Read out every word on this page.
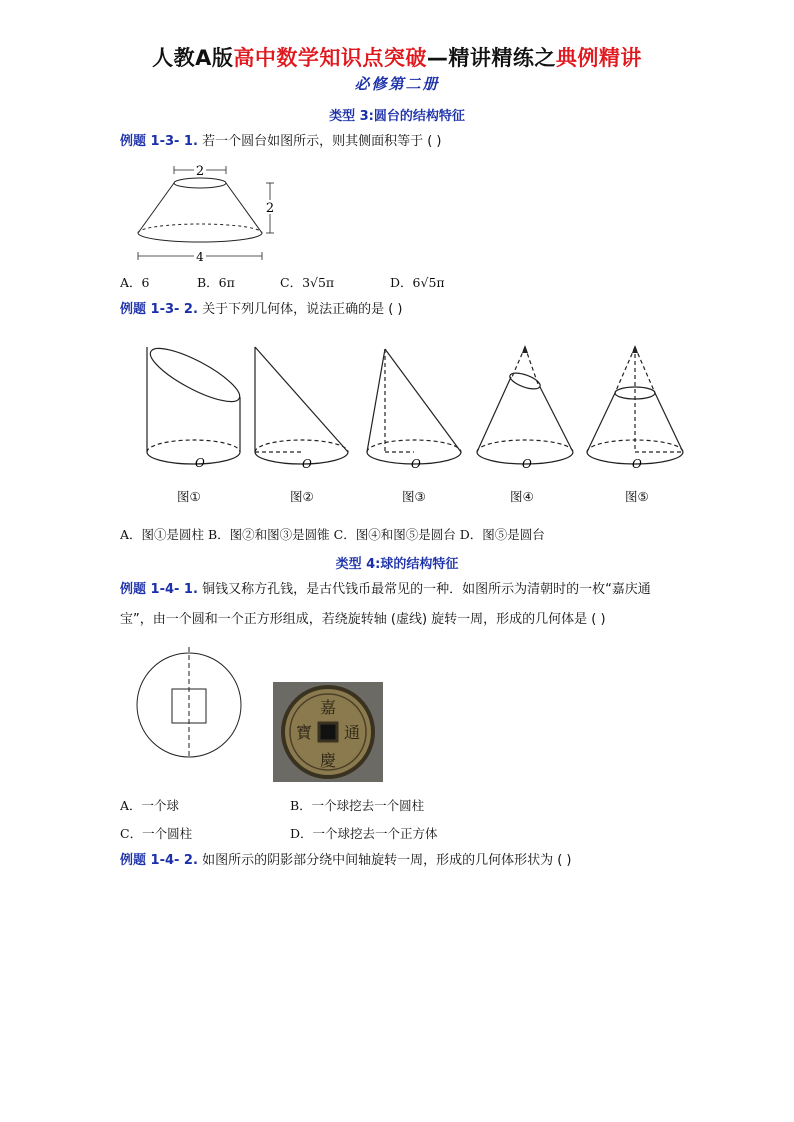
人教A版高中数学知识点突破—精讲精练之典例精讲
必修第二册
类型 3:圆台的结构特征
例题 1-3- 1. 若一个圆台如图所示，则其侧面积等于 ( )
2
2
4
A．6	B．6π	C．3√5π	D．6√5π
例题 1-3- 2. 关于下列几何体，说法正确的是 ( )
O	O	O	O	O
图①	图②	图③	图④	图⑤
A．图①是圆柱 B．图②和图③是圆锥 C．图④和图⑤是圆台 D．图⑤是圆台
类型 4:球的结构特征
例题 1-4- 1. 铜钱又称方孔钱，是古代钱币最常见的一种．如图所示为清朝时的一枚“嘉庆通
宝”，由一个圆和一个正方形组成，若绕旋转轴 (虚线) 旋转一周，形成的几何体是 ( )
嘉
慶
通
寶
A．一个球	B．一个球挖去一个圆柱
C．一个圆柱	D．一个球挖去一个正方体
例题 1-4- 2. 如图所示的阴影部分绕中间轴旋转一周，形成的几何体形状为 ( )
